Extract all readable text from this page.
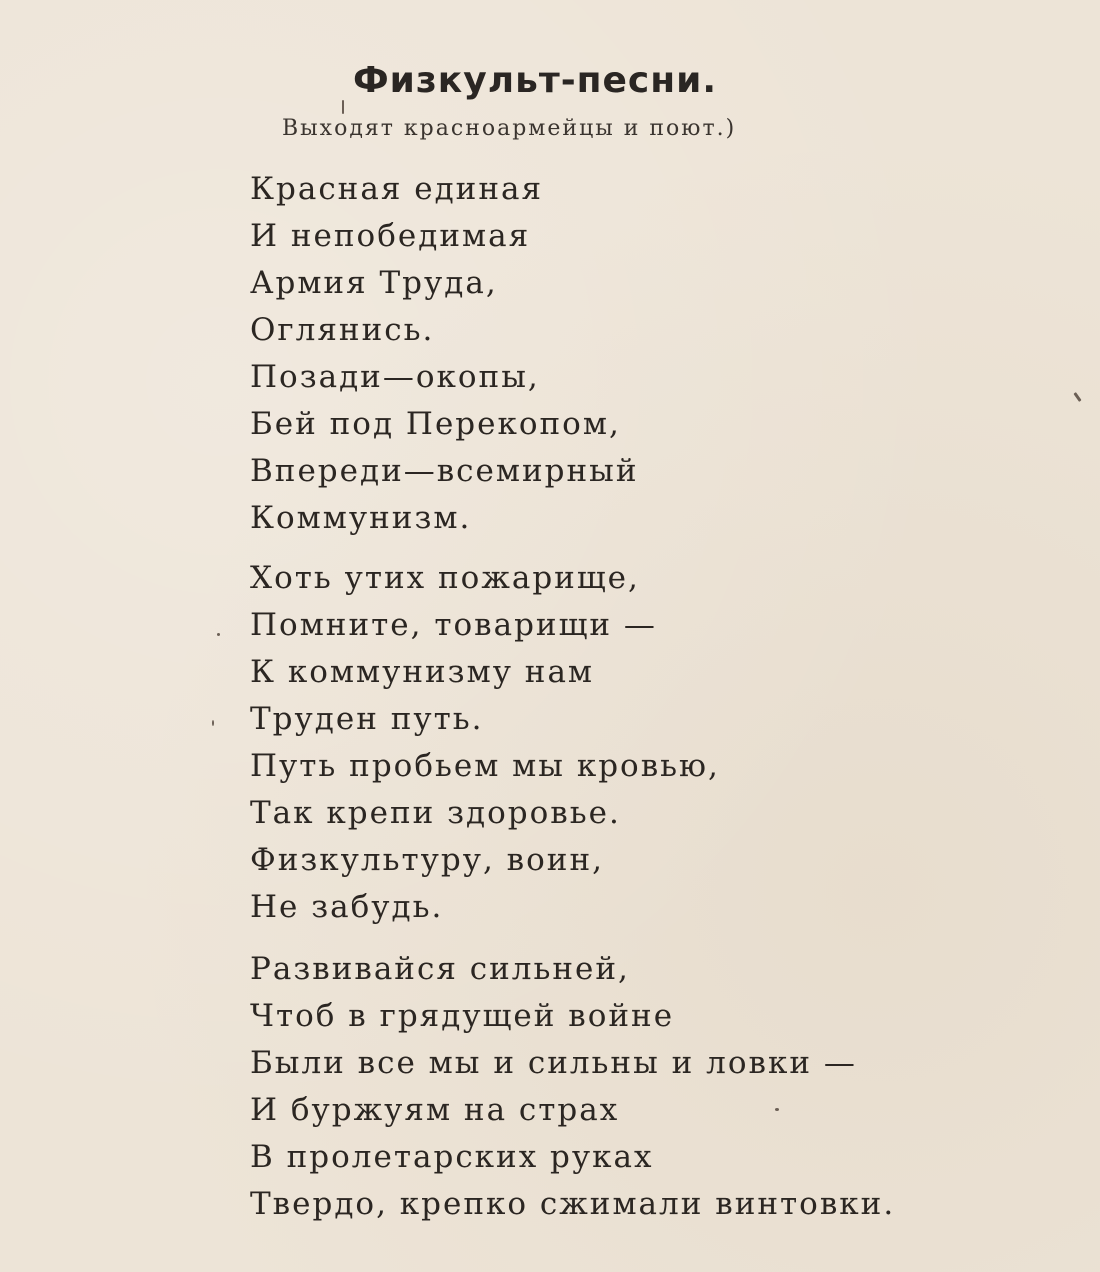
Физкульт-песни.
Выходят красноармейцы и поют.)
Красная единая
И непобедимая
Армия Труда,
Оглянись.
Позади—окопы,
Бей под Перекопом,
Впереди—всемирный
Коммунизм.
Хоть утих пожарище,
Помните, товарищи —
К коммунизму нам
Труден путь.
Путь пробьем мы кровью,
Так крепи здоровье.
Физкультуру, воин,
Не забудь.
Развивайся сильней,
Чтоб в грядущей войне
Были все мы и сильны и ловки —
И буржуям на страх
В пролетарских руках
Твердо, крепко сжимали винтовки.
